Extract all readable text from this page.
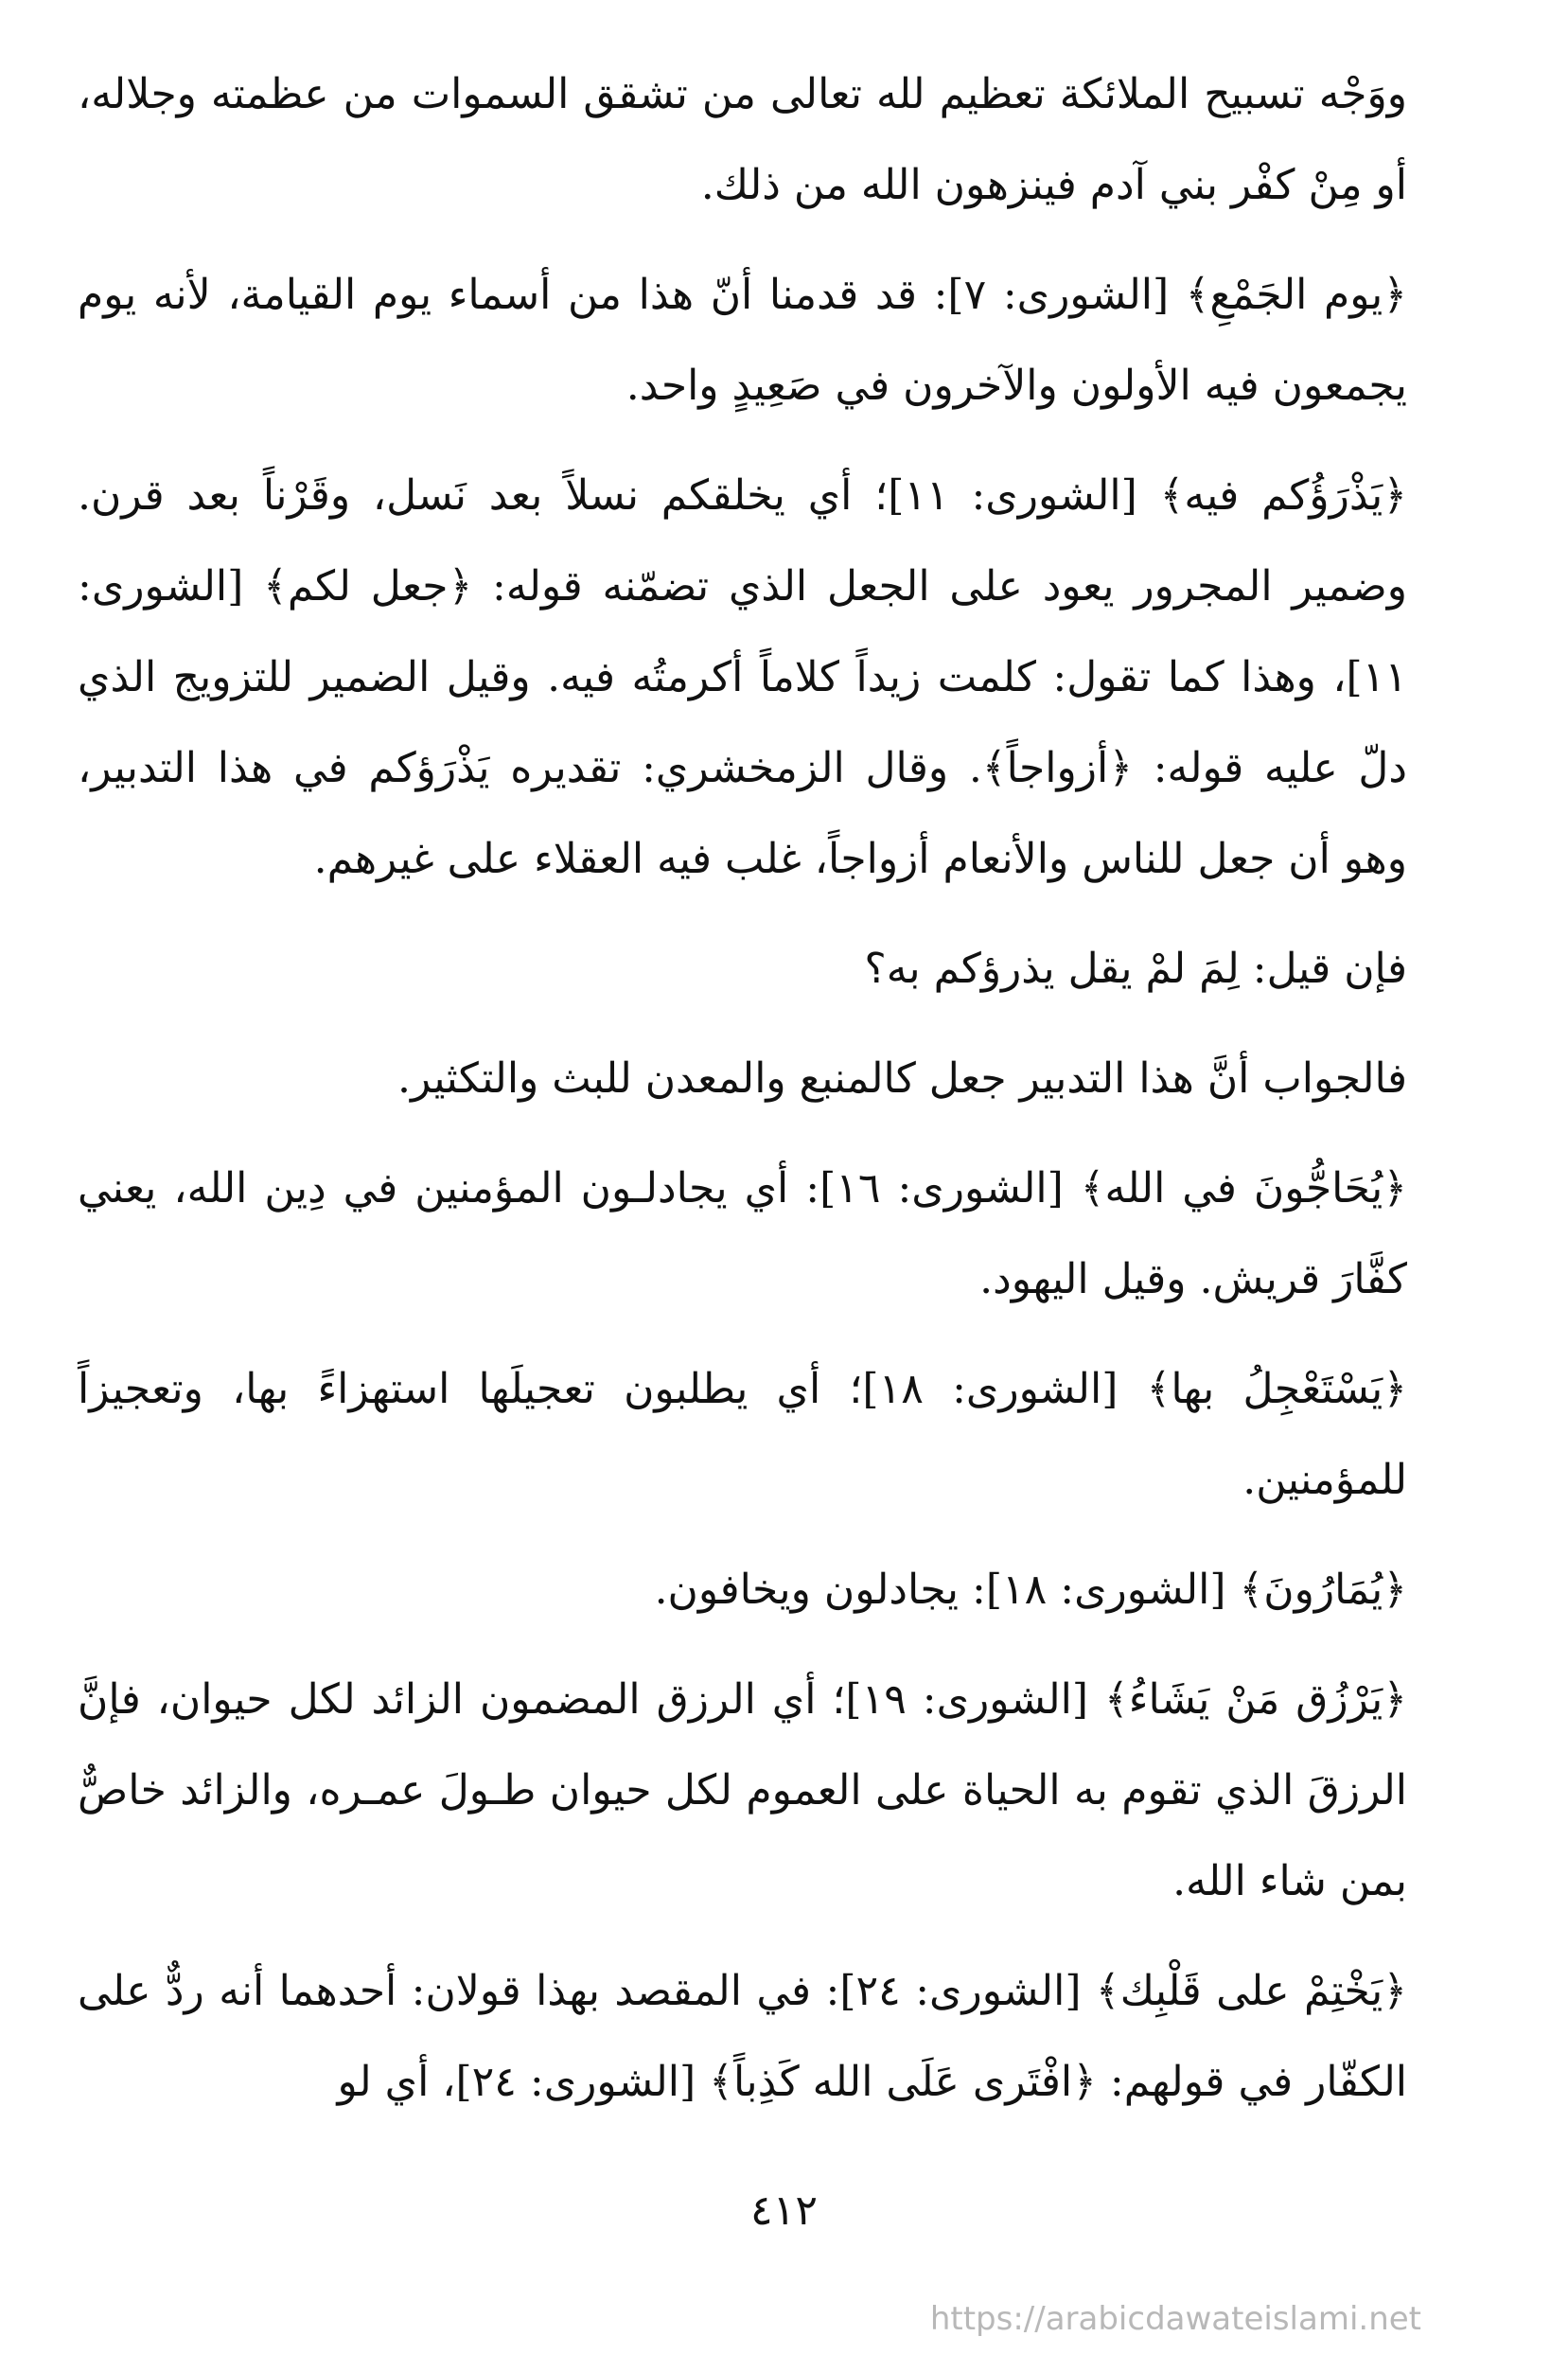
ووَجْه تسبيح الملائكة تعظيم لله تعالى من تشقق السموات من عظمته وجلاله، أو مِنْ كفْر بني آدم فينزهون الله من ذلك.

﴿يوم الجَمْعِ﴾ [الشورى: ٧]: قد قدمنا أنّ هذا من أسماء يوم القيامة، لأنه يوم يجمعون فيه الأولون والآخرون في صَعِيدٍ واحد.

﴿يَذْرَؤُكم فيه﴾ [الشورى: ١١]؛ أي يخلقكم نسلاً بعد نَسل، وقَرْناً بعد قرن. وضمير المجرور يعود على الجعل الذي تضمّنه قوله: ﴿جعل لكم﴾ [الشورى: ١١]، وهذا كما تقول: كلمت زيداً كلاماً أكرمتُه فيه. وقيل الضمير للتزويج الذي دلّ عليه قوله: ﴿أزواجاً﴾. وقال الزمخشري: تقديره يَذْرَؤكم في هذا التدبير، وهو أن جعل للناس والأنعام أزواجاً، غلب فيه العقلاء على غيرهم.

فإن قيل: لِمَ لمْ يقل يذرؤكم به؟

فالجواب أنَّ هذا التدبير جعل كالمنبع والمعدن للبث والتكثير.

﴿يُحَاجُّونَ في الله﴾ [الشورى: ١٦]: أي يجادلـون المؤمنين في دِين الله، يعني كفَّارَ قريش. وقيل اليهود.

﴿يَسْتَعْجِلُ بها﴾ [الشورى: ١٨]؛ أي يطلبون تعجيلَها استهزاءً بها، وتعجيزاً للمؤمنين.

﴿يُمَارُونَ﴾ [الشورى: ١٨]: يجادلون ويخافون.

﴿يَرْزُق مَنْ يَشَاءُ﴾ [الشورى: ١٩]؛ أي الرزق المضمون الزائد لكل حيوان، فإنَّ الرزقَ الذي تقوم به الحياة على العموم لكل حيوان طـولَ عمـره، والزائد خاصٌّ بمن شاء الله.

﴿يَخْتِمْ على قَلْبِك﴾ [الشورى: ٢٤]: في المقصد بهذا قولان: أحدهما أنه ردٌّ على الكفّار في قولهم: ﴿افْتَرى عَلَى الله كَذِباً﴾ [الشورى: ٢٤]، أي لو

٤١٢
https://arabicdawateislami.net
